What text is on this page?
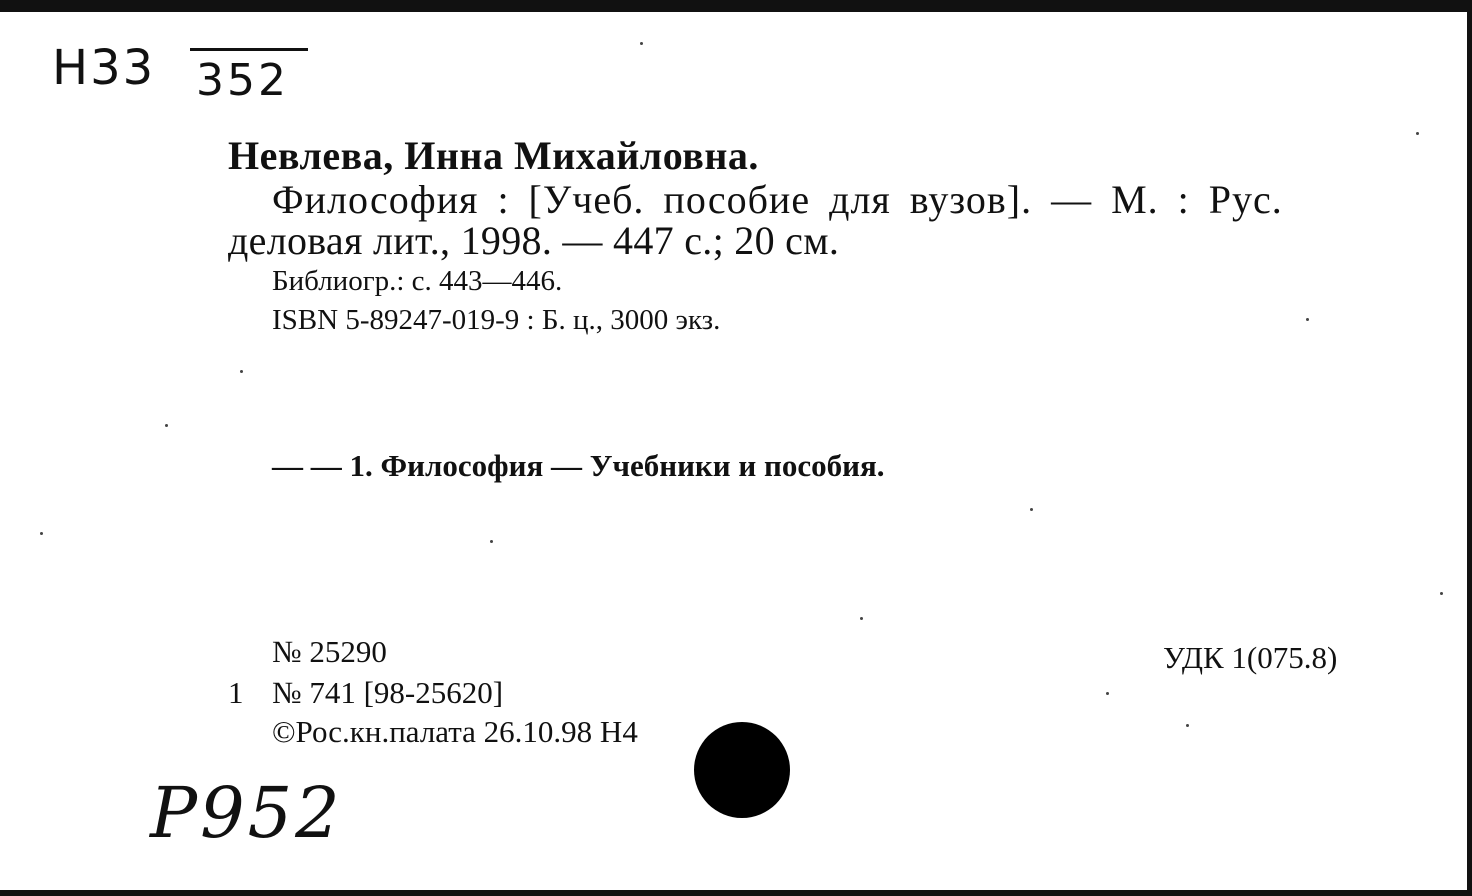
Н33 352
Невлева, Инна Михайловна.
Философия : [Учеб. пособие для вузов]. — М. : Рус.
деловая лит., 1998. — 447 с.; 20 см.
Библиогр.: с. 443—446.
ISBN 5-89247-019-9 : Б. ц., 3000 экз.
— — 1. Философия — Учебники и пособия.
№ 25290
1 № 741 [98-25620]
©Рос.кн.палата 26.10.98 Н4
УДК 1(075.8)
Р952
